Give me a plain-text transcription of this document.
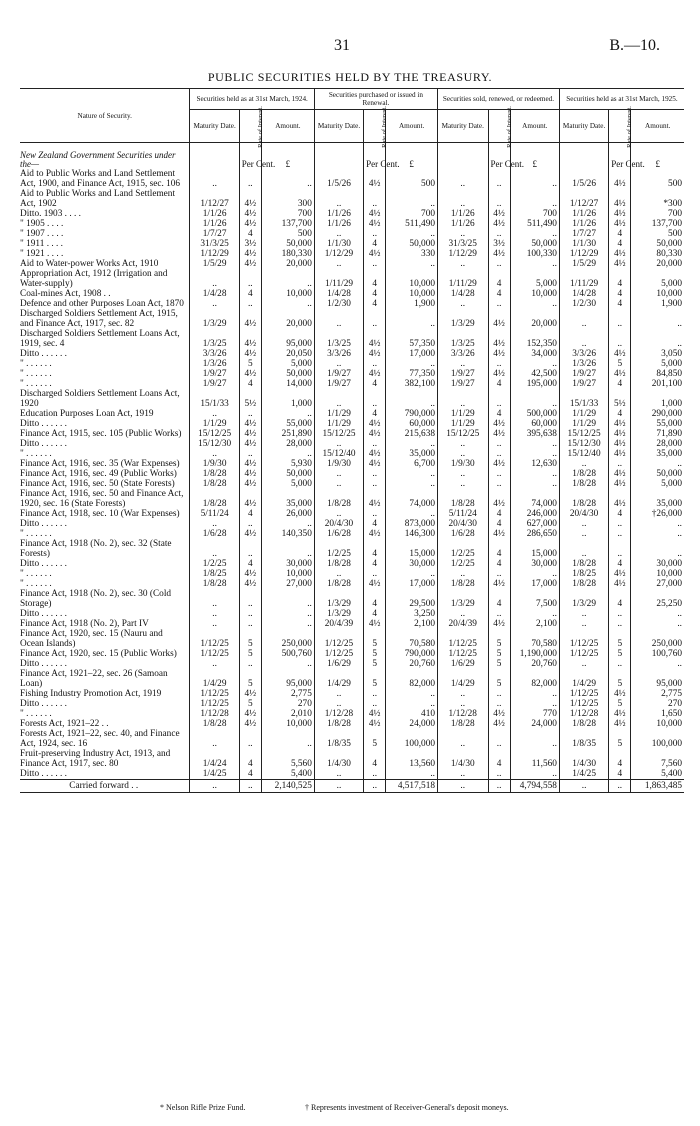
31	B.—10.
PUBLIC SECURITIES HELD BY THE TREASURY.
Nature of Security.	Securities held as at 31st March, 1924.			Securities purchased or issued in Renewal.			Securities sold, renewed, or redeemed.			Securities held as at 31st March, 1925.		
	Maturity Date.	Rate of Interest.	Amount.	Maturity Date.	Rate of Interest.	Amount.	Maturity Date.	Rate of Interest.	Amount.	Maturity Date.	Rate of Interest.	Amount.
New Zealand Government Securities under the—		Per Cent.	£		Per Cent.	£		Per Cent.	£		Per Cent.	£
Aid to Public Works and Land Settlement Act, 1900, and Finance Act, 1915, sec. 106	..	..	..	1/5/26	4½	500	..	..	..	1/5/26	4½	500
Aid to Public Works and Land Settlement Act, 1902	1/12/27	4½	300	..	..	..	..	..	..	1/12/27	4½	*300
Ditto. 1903 . . . .	1/1/26	4½	700	1/1/26	4½	700	1/1/26	4½	700	1/1/26	4½	700
" 1905 . . . .	1/1/26	4½	137,700	1/1/26	4½	511,490	1/1/26	4½	511,490	1/1/26	4½	137,700
" 1907 . . . .	1/7/27	4	500	..	..	..	..	..	..	1/7/27	4	500
" 1911 . . . .	31/3/25	3½	50,000	1/1/30	4	50,000	31/3/25	3½	50,000	1/1/30	4	50,000
" 1921 . . . .	1/12/29	4½	180,330	1/12/29	4½	330	1/12/29	4½	100,330	1/12/29	4½	80,330
Aid to Water-power Works Act, 1910	1/5/29	4½	20,000	..	..	..	..	..	..	1/5/29	4½	20,000
Appropriation Act, 1912 (Irrigation and Water-supply)	..	..	..	1/11/29	4	10,000	1/11/29	4	5,000	1/11/29	4	5,000
Coal-mines Act, 1908 . .	1/4/28	4	10,000	1/4/28	4	10,000	1/4/28	4	10,000	1/4/28	4	10,000
Defence and other Purposes Loan Act, 1870	..	..	..	1/2/30	4	1,900	..	..	..	1/2/30	4	1,900
Discharged Soldiers Settlement Act, 1915, and Finance Act, 1917, sec. 82	1/3/29	4½	20,000	..	..	..	1/3/29	4½	20,000	..	..	..
Discharged Soldiers Settlement Loans Act, 1919, sec. 4	1/3/25	4½	95,000	1/3/25	4½	57,350	1/3/25	4½	152,350	..	..	..
Ditto . . . . . .	3/3/26	4½	20,050	3/3/26	4½	17,000	3/3/26	4½	34,000	3/3/26	4½	3,050
" . . . . . .	1/3/26	5	5,000	..	..	..	..	..	..	1/3/26	5	5,000
" . . . . . .	1/9/27	4½	50,000	1/9/27	4½	77,350	1/9/27	4½	42,500	1/9/27	4½	84,850
" . . . . . .	1/9/27	4	14,000	1/9/27	4	382,100	1/9/27	4	195,000	1/9/27	4	201,100
Discharged Soldiers Settlement Loans Act, 1920	15/1/33	5½	1,000	..	..	..	..	..	..	15/1/33	5½	1,000
Education Purposes Loan Act, 1919	..	..	..	1/1/29	4	790,000	1/1/29	4	500,000	1/1/29	4	290,000
Ditto . . . . . .	1/1/29	4½	55,000	1/1/29	4½	60,000	1/1/29	4½	60,000	1/1/29	4½	55,000
Finance Act, 1915, sec. 105 (Public Works)	15/12/25	4½	251,890	15/12/25	4½	215,638	15/12/25	4½	395,638	15/12/25	4½	71,890
Ditto . . . . . .	15/12/30	4½	28,000	..	..	..	..	..	..	15/12/30	4½	28,000
" . . . . . .	..	..	..	15/12/40	4½	35,000	..	..	..	15/12/40	4½	35,000
Finance Act, 1916, sec. 35 (War Expenses)	1/9/30	4½	5,930	1/9/30	4½	6,700	1/9/30	4½	12,630	..	..	..
Finance Act, 1916, sec. 49 (Public Works)	1/8/28	4½	50,000	..	..	..	..	..	..	1/8/28	4½	50,000
Finance Act, 1916, sec. 50 (State Forests)	1/8/28	4½	5,000	..	..	..	..	..	..	1/8/28	4½	5,000
Finance Act, 1916, sec. 50 and Finance Act, 1920, sec. 16 (State Forests)	1/8/28	4½	35,000	1/8/28	4½	74,000	1/8/28	4½	74,000	1/8/28	4½	35,000
Finance Act, 1918, sec. 10 (War Expenses)	5/11/24	4	26,000	..	..	..	5/11/24	4	246,000	20/4/30	4	†26,000
Ditto . . . . . .	..	..	..	20/4/30	4	873,000	20/4/30	4	627,000	..	..	..
" . . . . . .	1/6/28	4½	140,350	1/6/28	4½	146,300	1/6/28	4½	286,650	..	..	..
Finance Act, 1918 (No. 2), sec. 32 (State Forests)	..	..	..	1/2/25	4	15,000	1/2/25	4	15,000	..	..	..
Ditto . . . . . .	1/2/25	4	30,000	1/8/28	4	30,000	1/2/25	4	30,000	1/8/28	4	30,000
" . . . . . .	1/8/25	4½	10,000	..	..	..	..	..	..	1/8/25	4½	10,000
" . . . . . .	1/8/28	4½	27,000	1/8/28	4½	17,000	1/8/28	4½	17,000	1/8/28	4½	27,000
Finance Act, 1918 (No. 2), sec. 30 (Cold Storage)	..	..	..	1/3/29	4	29,500	1/3/29	4	7,500	1/3/29	4	25,250
Ditto . . . . . .	..	..	..	1/3/29	4	3,250	..	..	..	..	..	..
Finance Act, 1918 (No. 2), Part IV	..	..	..	20/4/39	4½	2,100	20/4/39	4½	2,100	..	..	..
Finance Act, 1920, sec. 15 (Nauru and Ocean Islands)	1/12/25	5	250,000	1/12/25	5	70,580	1/12/25	5	70,580	1/12/25	5	250,000
Finance Act, 1920, sec. 15 (Public Works)	1/12/25	5	500,760	1/12/25	5	790,000	1/12/25	5	1,190,000	1/12/25	5	100,760
Ditto . . . . . .	..	..	..	1/6/29	5	20,760	1/6/29	5	20,760	..	..	..
Finance Act, 1921–22, sec. 26 (Samoan Loan)	1/4/29	5	95,000	1/4/29	5	82,000	1/4/29	5	82,000	1/4/29	5	95,000
Fishing Industry Promotion Act, 1919	1/12/25	4½	2,775	..	..	..	..	..	..	1/12/25	4½	2,775
Ditto . . . . . .	1/12/25	5	270	..	..	..	..	..	..	1/12/25	5	270
" . . . . . .	1/12/28	4½	2,010	1/12/28	4½	410	1/12/28	4½	770	1/12/28	4½	1,650
Forests Act, 1921–22 . .	1/8/28	4½	10,000	1/8/28	4½	24,000	1/8/28	4½	24,000	1/8/28	4½	10,000
Forests Act, 1921–22, sec. 40, and Finance Act, 1924, sec. 16	..	..	..	1/8/35	5	100,000	..	..	..	1/8/35	5	100,000
Fruit-preserving Industry Act, 1913, and Finance Act, 1917, sec. 80	1/4/24	4	5,560	1/4/30	4	13,560	1/4/30	4	11,560	1/4/30	4	7,560
Ditto . . . . . .	1/4/25	4	5,400	..	..	..	..	..	..	1/4/25	4	5,400
Carried forward . .	..	..	2,140,525	..	..	4,517,518	..	..	4,794,558	..	..	1,863,485
* Nelson Rifle Prize Fund.	† Represents investment of Receiver-General's deposit moneys.
